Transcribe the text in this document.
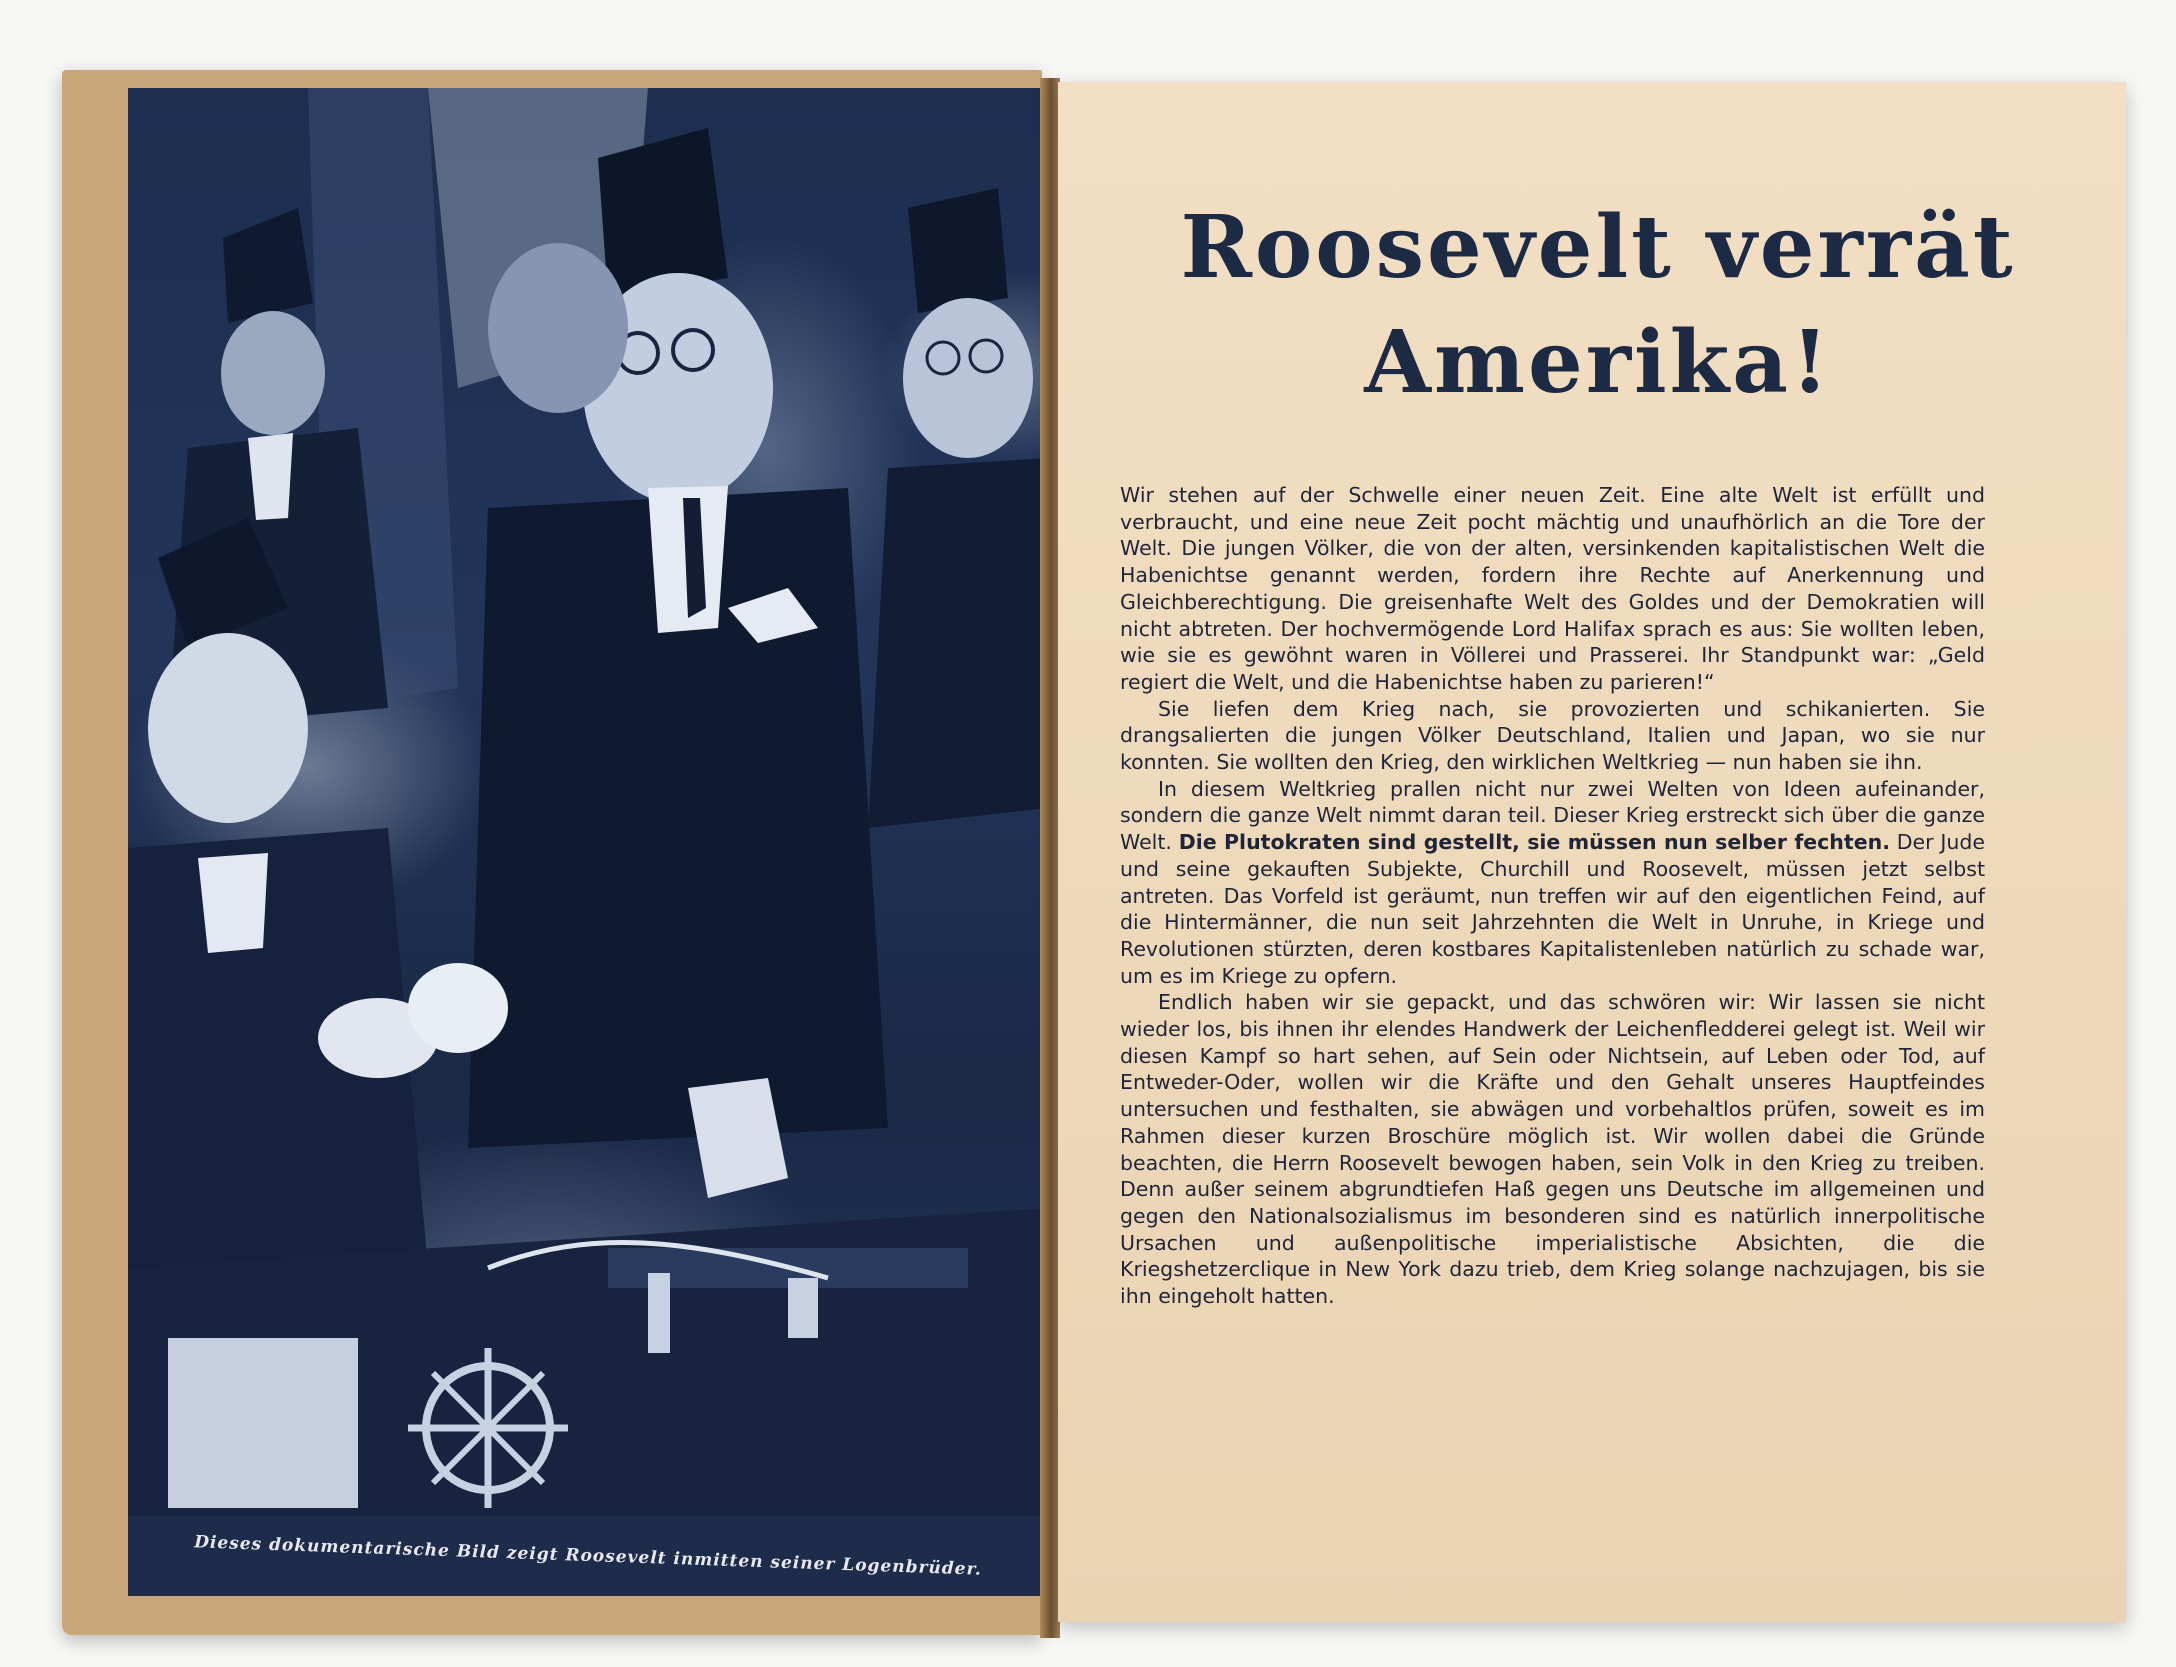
Dieses dokumentarische Bild zeigt Roosevelt inmitten seiner Logenbrüder.
Roosevelt verrät
Amerika!

Wir stehen auf der Schwelle einer neuen Zeit. Eine alte Welt ist erfüllt und verbraucht, und eine neue Zeit pocht mächtig und unaufhörlich an die Tore der Welt. Die jungen Völker, die von der alten, versinkenden kapitalistischen Welt die Habenichtse genannt werden, fordern ihre Rechte auf Anerkennung und Gleichberechtigung. Die greisenhafte Welt des Goldes und der Demokratien will nicht abtreten. Der hochvermögende Lord Halifax sprach es aus: Sie wollten leben, wie sie es gewöhnt waren in Völlerei und Prasserei. Ihr Standpunkt war: „Geld regiert die Welt, und die Habenichtse haben zu parieren!“

Sie liefen dem Krieg nach, sie provozierten und schikanierten. Sie drangsalierten die jungen Völker Deutschland, Italien und Japan, wo sie nur konnten. Sie wollten den Krieg, den wirklichen Weltkrieg — nun haben sie ihn.

In diesem Weltkrieg prallen nicht nur zwei Welten von Ideen aufeinander, sondern die ganze Welt nimmt daran teil. Dieser Krieg erstreckt sich über die ganze Welt. Die Plutokraten sind gestellt, sie müssen nun selber fechten. Der Jude und seine gekauften Subjekte, Churchill und Roosevelt, müssen jetzt selbst antreten. Das Vorfeld ist geräumt, nun treffen wir auf den eigentlichen Feind, auf die Hintermänner, die nun seit Jahrzehnten die Welt in Unruhe, in Kriege und Revolutionen stürzten, deren kostbares Kapitalistenleben natürlich zu schade war, um es im Kriege zu opfern.

Endlich haben wir sie gepackt, und das schwören wir: Wir lassen sie nicht wieder los, bis ihnen ihr elendes Handwerk der Leichenfledderei gelegt ist. Weil wir diesen Kampf so hart sehen, auf Sein oder Nichtsein, auf Leben oder Tod, auf Entweder-Oder, wollen wir die Kräfte und den Gehalt unseres Hauptfeindes untersuchen und festhalten, sie abwägen und vorbehaltlos prüfen, soweit es im Rahmen dieser kurzen Broschüre möglich ist. Wir wollen dabei die Gründe beachten, die Herrn Roosevelt bewogen haben, sein Volk in den Krieg zu treiben. Denn außer seinem abgrundtiefen Haß gegen uns Deutsche im allgemeinen und gegen den Nationalsozialismus im besonderen sind es natürlich innerpolitische Ursachen und außenpolitische imperialistische Absichten, die die Kriegshetzerclique in New York dazu trieb, dem Krieg solange nachzujagen, bis sie ihn eingeholt hatten.
